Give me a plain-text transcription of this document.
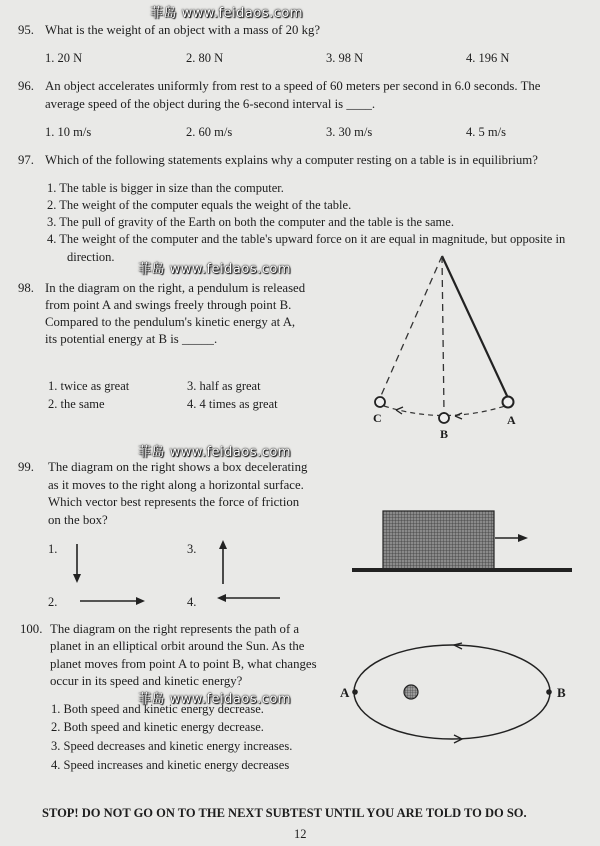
菲岛 www.feidaos.com
菲岛 www.feidaos.com
菲岛 www.feidaos.com
菲岛 www.feidaos.com
95. What is the weight of an object with a mass of 20 kg?
1. 20 N	2. 80 N	3. 98 N	4. 196 N
96. An object accelerates uniformly from rest to a speed of 60 meters per second in 6.0 seconds. The
average speed of the object during the 6-second interval is ____.
1. 10 m/s	2. 60 m/s	3. 30 m/s	4. 5 m/s
97. Which of the following statements explains why a computer resting on a table is in equilibrium?
1. The table is bigger in size than the computer.
2. The weight of the computer equals the weight of the table.
3. The pull of gravity of the Earth on both the computer and the table is the same.
4. The weight of the computer and the table's upward force on it are equal in magnitude, but opposite in
direction.
98. In the diagram on the right, a pendulum is released
from point A and swings freely through point B.
Compared to the pendulum's kinetic energy at A,
its potential energy at B is _____.
1. twice as great	3. half as great
2. the same	4. 4 times as great
C
B
A
99. The diagram on the right shows a box decelerating
as it moves to the right along a horizontal surface.
Which vector best represents the force of friction
on the box?
1.	3.
2.	4.
100. The diagram on the right represents the path of a
planet in an elliptical orbit around the Sun. As the
planet moves from point A to point B, what changes
occur in its speed and kinetic energy?
1. Both speed and kinetic energy decrease.
2. Both speed and kinetic energy decrease.
3. Speed decreases and kinetic energy increases.
4. Speed increases and kinetic energy decreases
A	B
STOP! DO NOT GO ON TO THE NEXT SUBTEST UNTIL YOU ARE TOLD TO DO SO.
12
